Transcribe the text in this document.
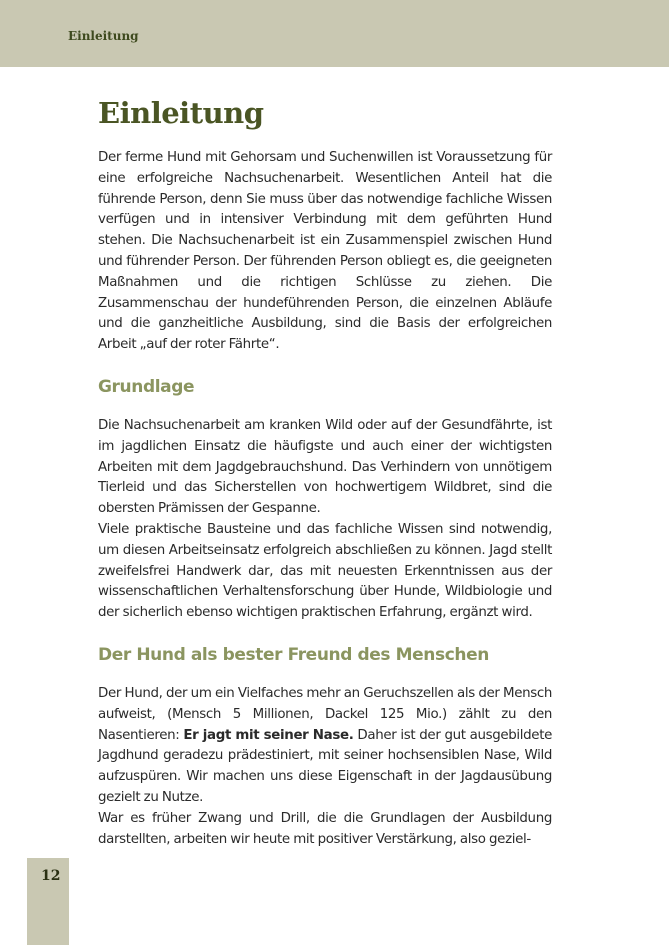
Einleitung
Einleitung

Der ferme Hund mit Gehorsam und Suchenwillen ist Voraussetzung für eine erfolgreiche Nachsuchenarbeit. Wesentlichen Anteil hat die führende Person, denn Sie muss über das notwendige fachliche Wissen verfügen und in intensiver Verbindung mit dem geführten Hund stehen. Die Nachsuchenarbeit ist ein Zusammenspiel zwischen Hund und führender Person. Der führenden Person obliegt es, die geeigneten Maßnahmen und die richtigen Schlüsse zu ziehen. Die Zusammenschau der hundeführenden Person, die einzelnen Abläufe und die ganzheitliche Ausbildung, sind die Basis der erfolgreichen Arbeit „auf der roter Fährte“.

Grundlage

Die Nachsuchenarbeit am kranken Wild oder auf der Gesundfährte, ist im jagdlichen Einsatz die häufigste und auch einer der wichtigsten Arbeiten mit dem Jagdgebrauchshund. Das Verhindern von unnötigem Tierleid und das Sicherstellen von hochwertigem Wildbret, sind die obersten Prämissen der Gespanne.

Viele praktische Bausteine und das fachliche Wissen sind notwendig, um diesen Arbeitseinsatz erfolgreich abschließen zu können. Jagd stellt zweifelsfrei Handwerk dar, das mit neuesten Erkenntnissen aus der wissenschaftlichen Verhaltensforschung über Hunde, Wildbiologie und der sicherlich ebenso wichtigen praktischen Erfahrung, ergänzt wird.

Der Hund als bester Freund des Menschen

Der Hund, der um ein Vielfaches mehr an Geruchszellen als der Mensch aufweist, (Mensch 5 Millionen, Dackel 125 Mio.) zählt zu den Nasentieren: Er jagt mit seiner Nase. Daher ist der gut ausgebildete Jagdhund geradezu prädestiniert, mit seiner hochsensiblen Nase, Wild aufzuspüren. Wir machen uns diese Eigenschaft in der Jagdausübung gezielt zu Nutze.

War es früher Zwang und Drill, die die Grundlagen der Ausbildung darstellten, arbeiten wir heute mit positiver Verstärkung, also geziel-

12
